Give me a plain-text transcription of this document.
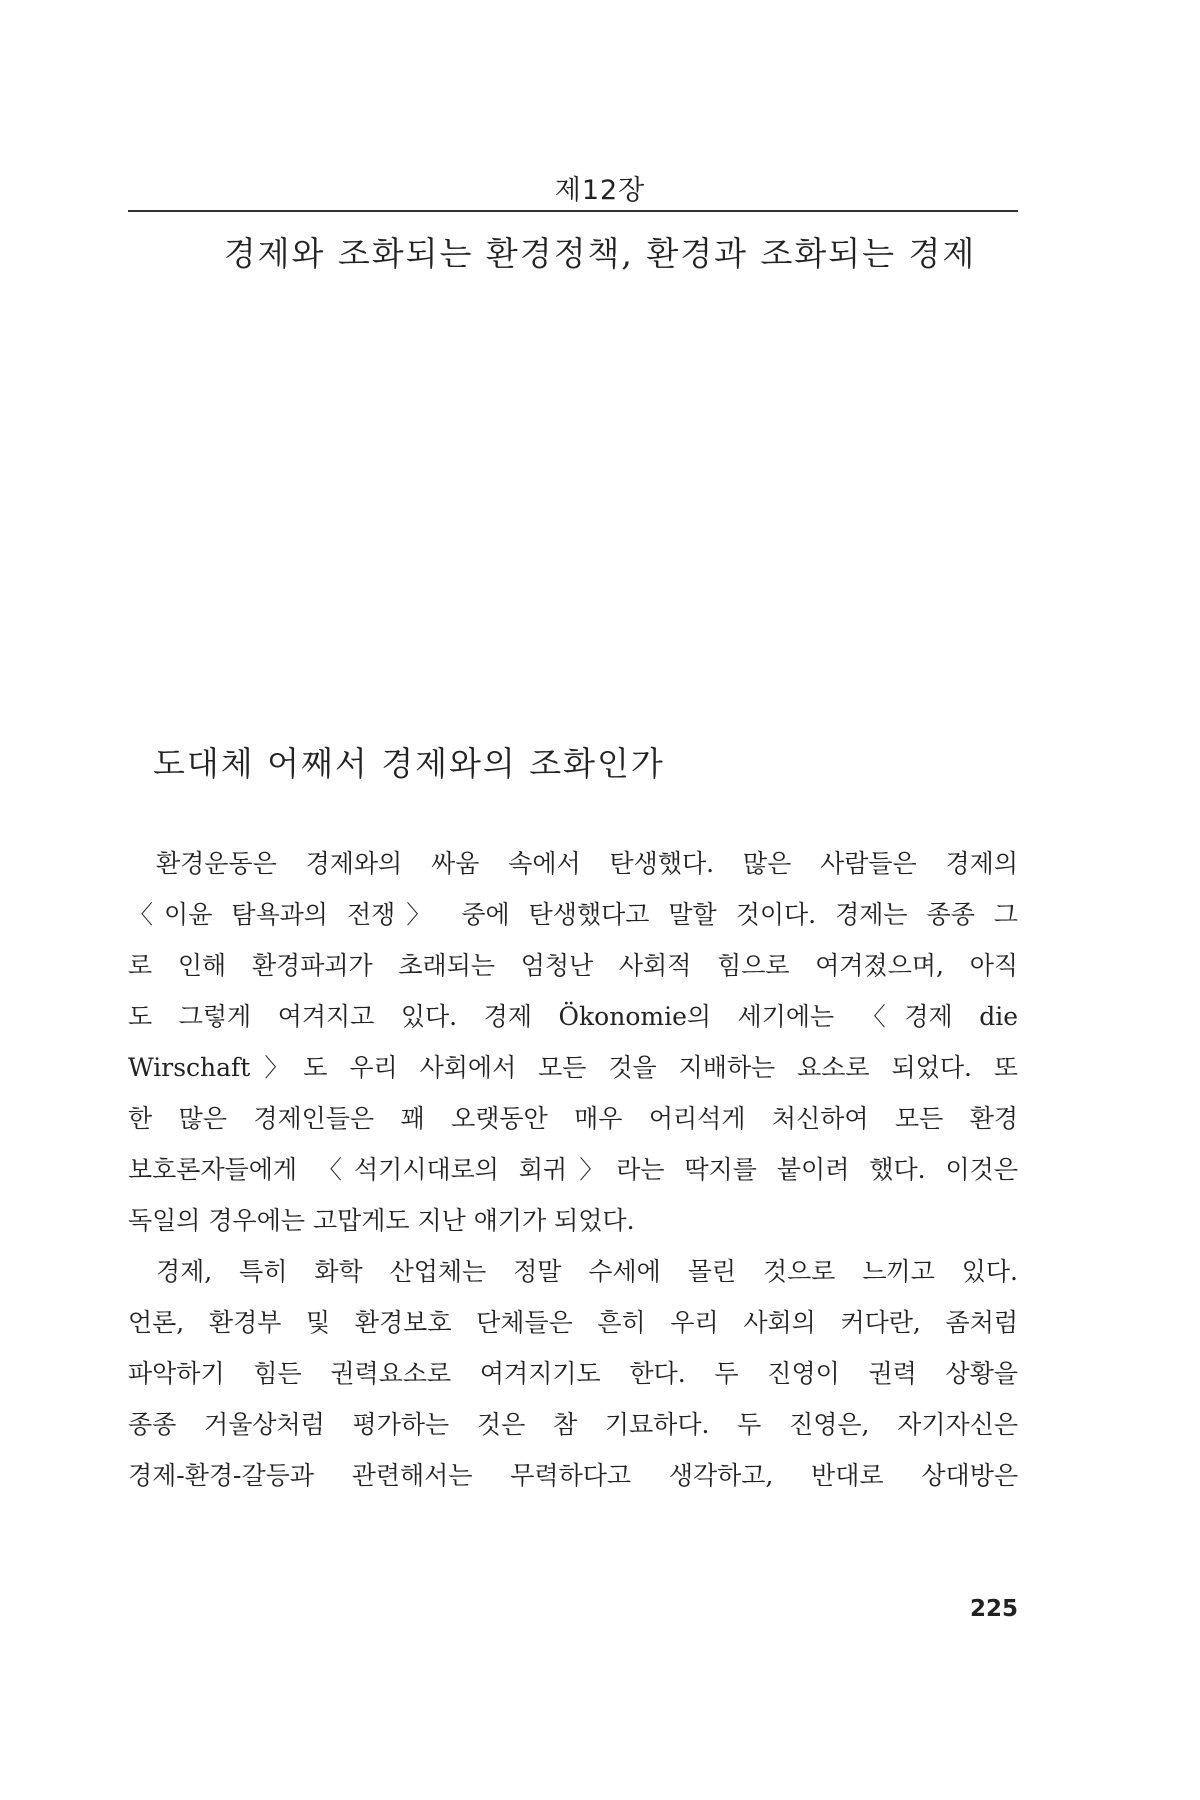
제12장
경제와 조화되는 환경정책, 환경과 조화되는 경제
도대체 어째서 경제와의 조화인가

환경운동은 경제와의 싸움 속에서 탄생했다. 많은 사람들은 경제의
〈이윤 탐욕과의 전쟁〉 중에 탄생했다고 말할 것이다. 경제는 종종 그
로 인해 환경파괴가 초래되는 엄청난 사회적 힘으로 여겨졌으며, 아직
도 그렇게 여겨지고 있다. 경제 Ökonomie의 세기에는 〈경제 die
Wirschaft〉도 우리 사회에서 모든 것을 지배하는 요소로 되었다. 또
한 많은 경제인들은 꽤 오랫동안 매우 어리석게 처신하여 모든 환경
보호론자들에게 〈석기시대로의 회귀〉라는 딱지를 붙이려 했다. 이것은
독일의 경우에는 고맙게도 지난 얘기가 되었다.

경제, 특히 화학 산업체는 정말 수세에 몰린 것으로 느끼고 있다.
언론, 환경부 및 환경보호 단체들은 흔히 우리 사회의 커다란, 좀처럼
파악하기 힘든 권력요소로 여겨지기도 한다. 두 진영이 권력 상황을
종종 거울상처럼 평가하는 것은 참 기묘하다. 두 진영은, 자기자신은
경제-환경-갈등과 관련해서는 무력하다고 생각하고, 반대로 상대방은

225
